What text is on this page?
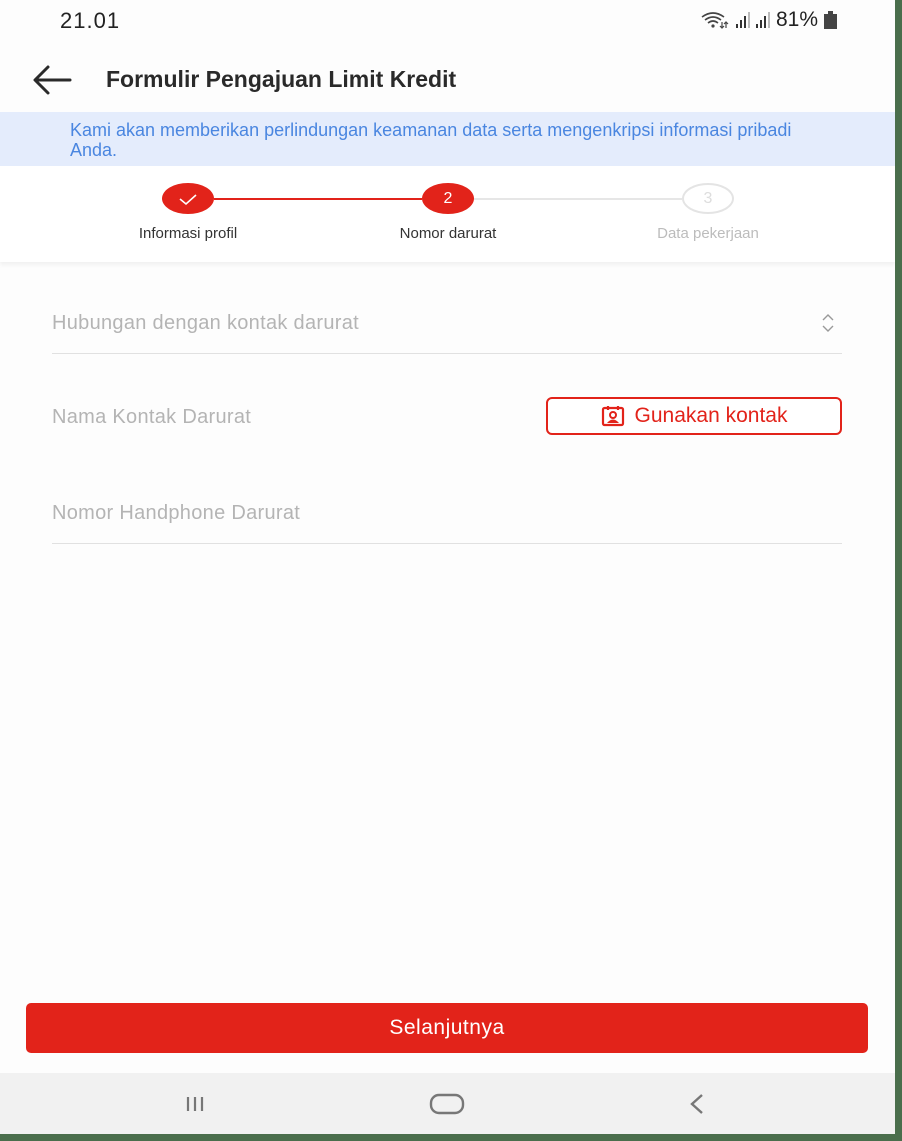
21.01	81%
Formulir Pengajuan Limit Kredit

Kami akan memberikan perlindungan keamanan data serta mengenkripsi informasi pribadi Anda.

2	3
Informasi profil	Nomor darurat	Data pekerjaan
Hubungan dengan kontak darurat
Nama Kontak Darurat	Gunakan kontak
Nomor Handphone Darurat
Selanjutnya
